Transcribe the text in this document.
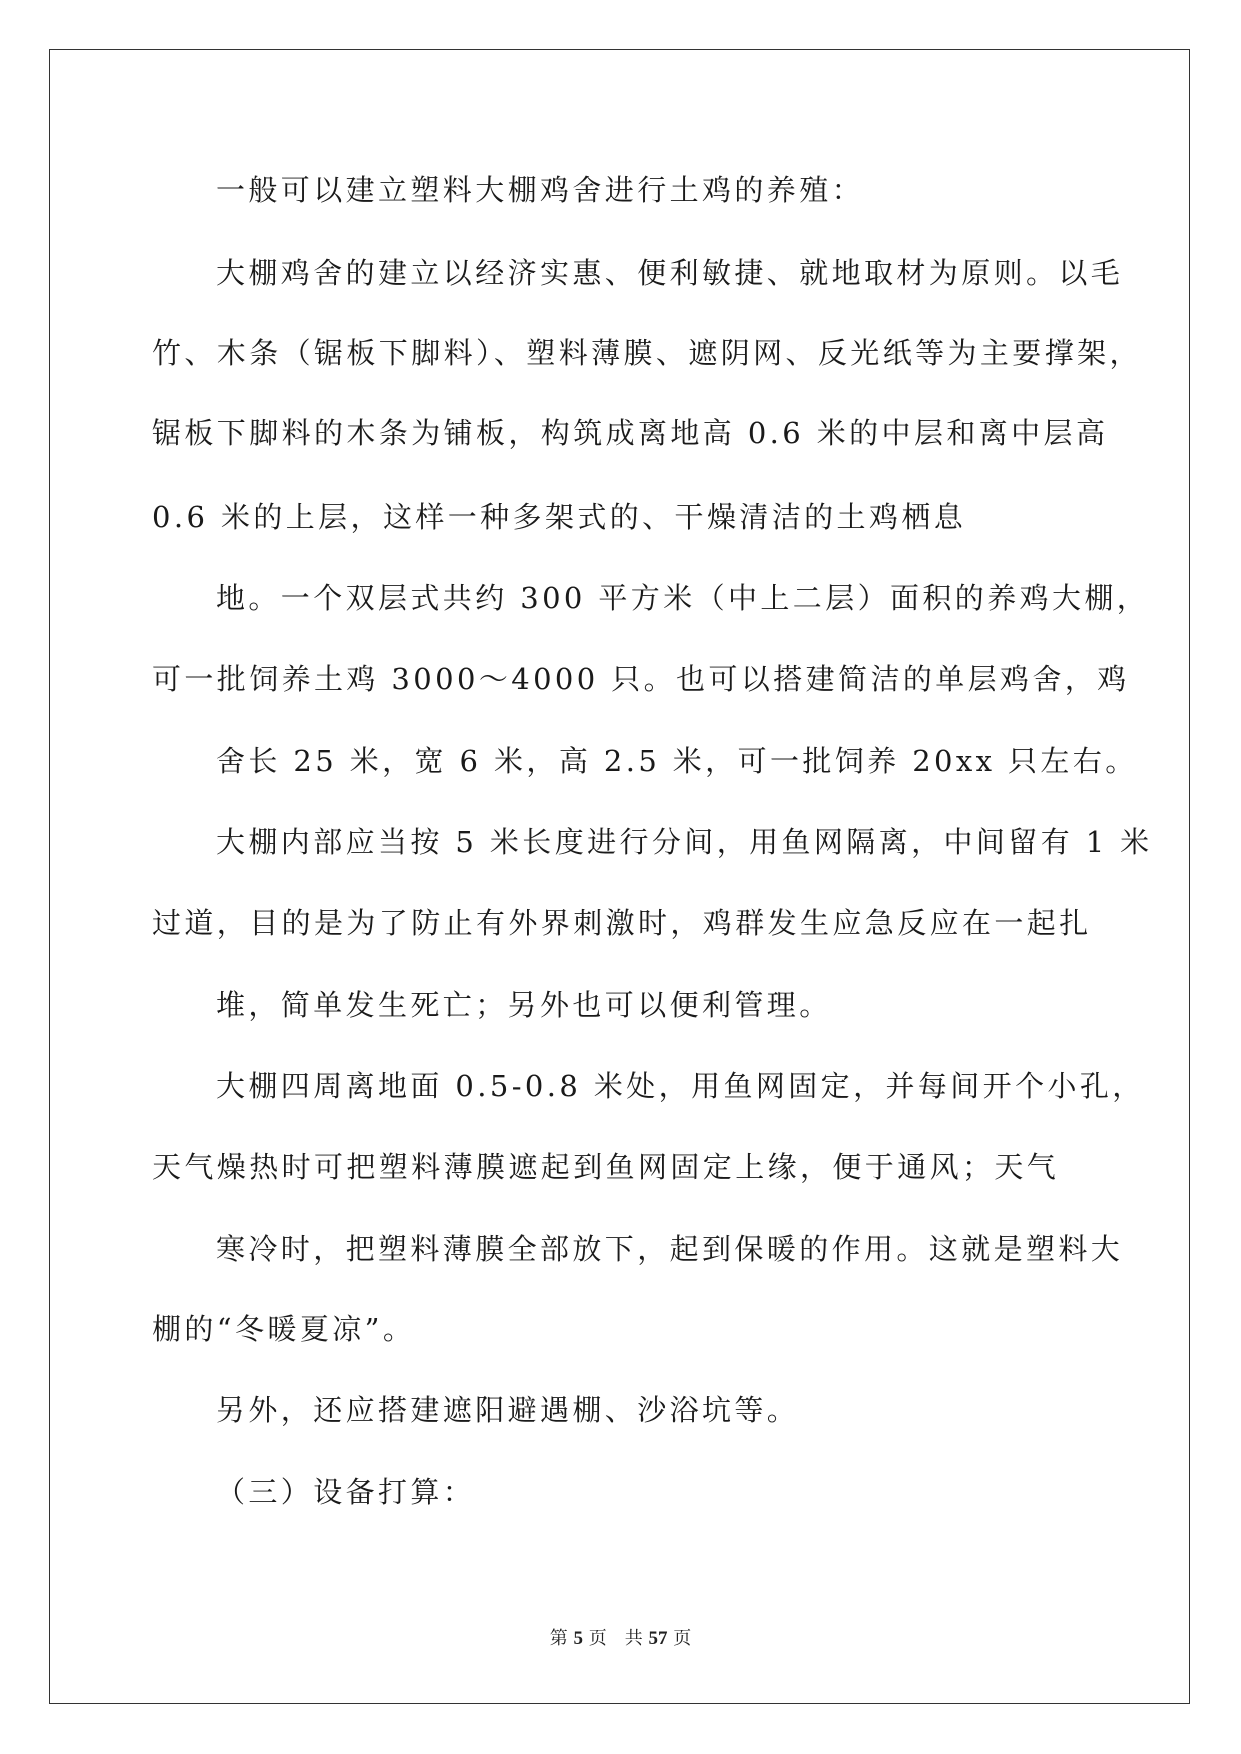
一般可以建立塑料大棚鸡舍进行土鸡的养殖：
大棚鸡舍的建立以经济实惠、便利敏捷、就地取材为原则。以毛
竹、木条（锯板下脚料）、塑料薄膜、遮阴网、反光纸等为主要撑架，
锯板下脚料的木条为铺板，构筑成离地高 0.6 米的中层和离中层高
0.6 米的上层，这样一种多架式的、干燥清洁的土鸡栖息
地。一个双层式共约 300 平方米（中上二层）面积的养鸡大棚，
可一批饲养土鸡 3000～4000 只。也可以搭建简洁的单层鸡舍，鸡
舍长 25 米，宽 6 米，高 2.5 米，可一批饲养 20xx 只左右。
大棚内部应当按 5 米长度进行分间，用鱼网隔离，中间留有 1 米
过道，目的是为了防止有外界刺激时，鸡群发生应急反应在一起扎
堆，简单发生死亡；另外也可以便利管理。
大棚四周离地面 0.5-0.8 米处，用鱼网固定，并每间开个小孔，
天气燥热时可把塑料薄膜遮起到鱼网固定上缘，便于通风；天气
寒冷时，把塑料薄膜全部放下，起到保暖的作用。这就是塑料大
棚的“冬暖夏凉”。
另外，还应搭建遮阳避遇棚、沙浴坑等。
（三）设备打算：
第 5 页　共 57 页
